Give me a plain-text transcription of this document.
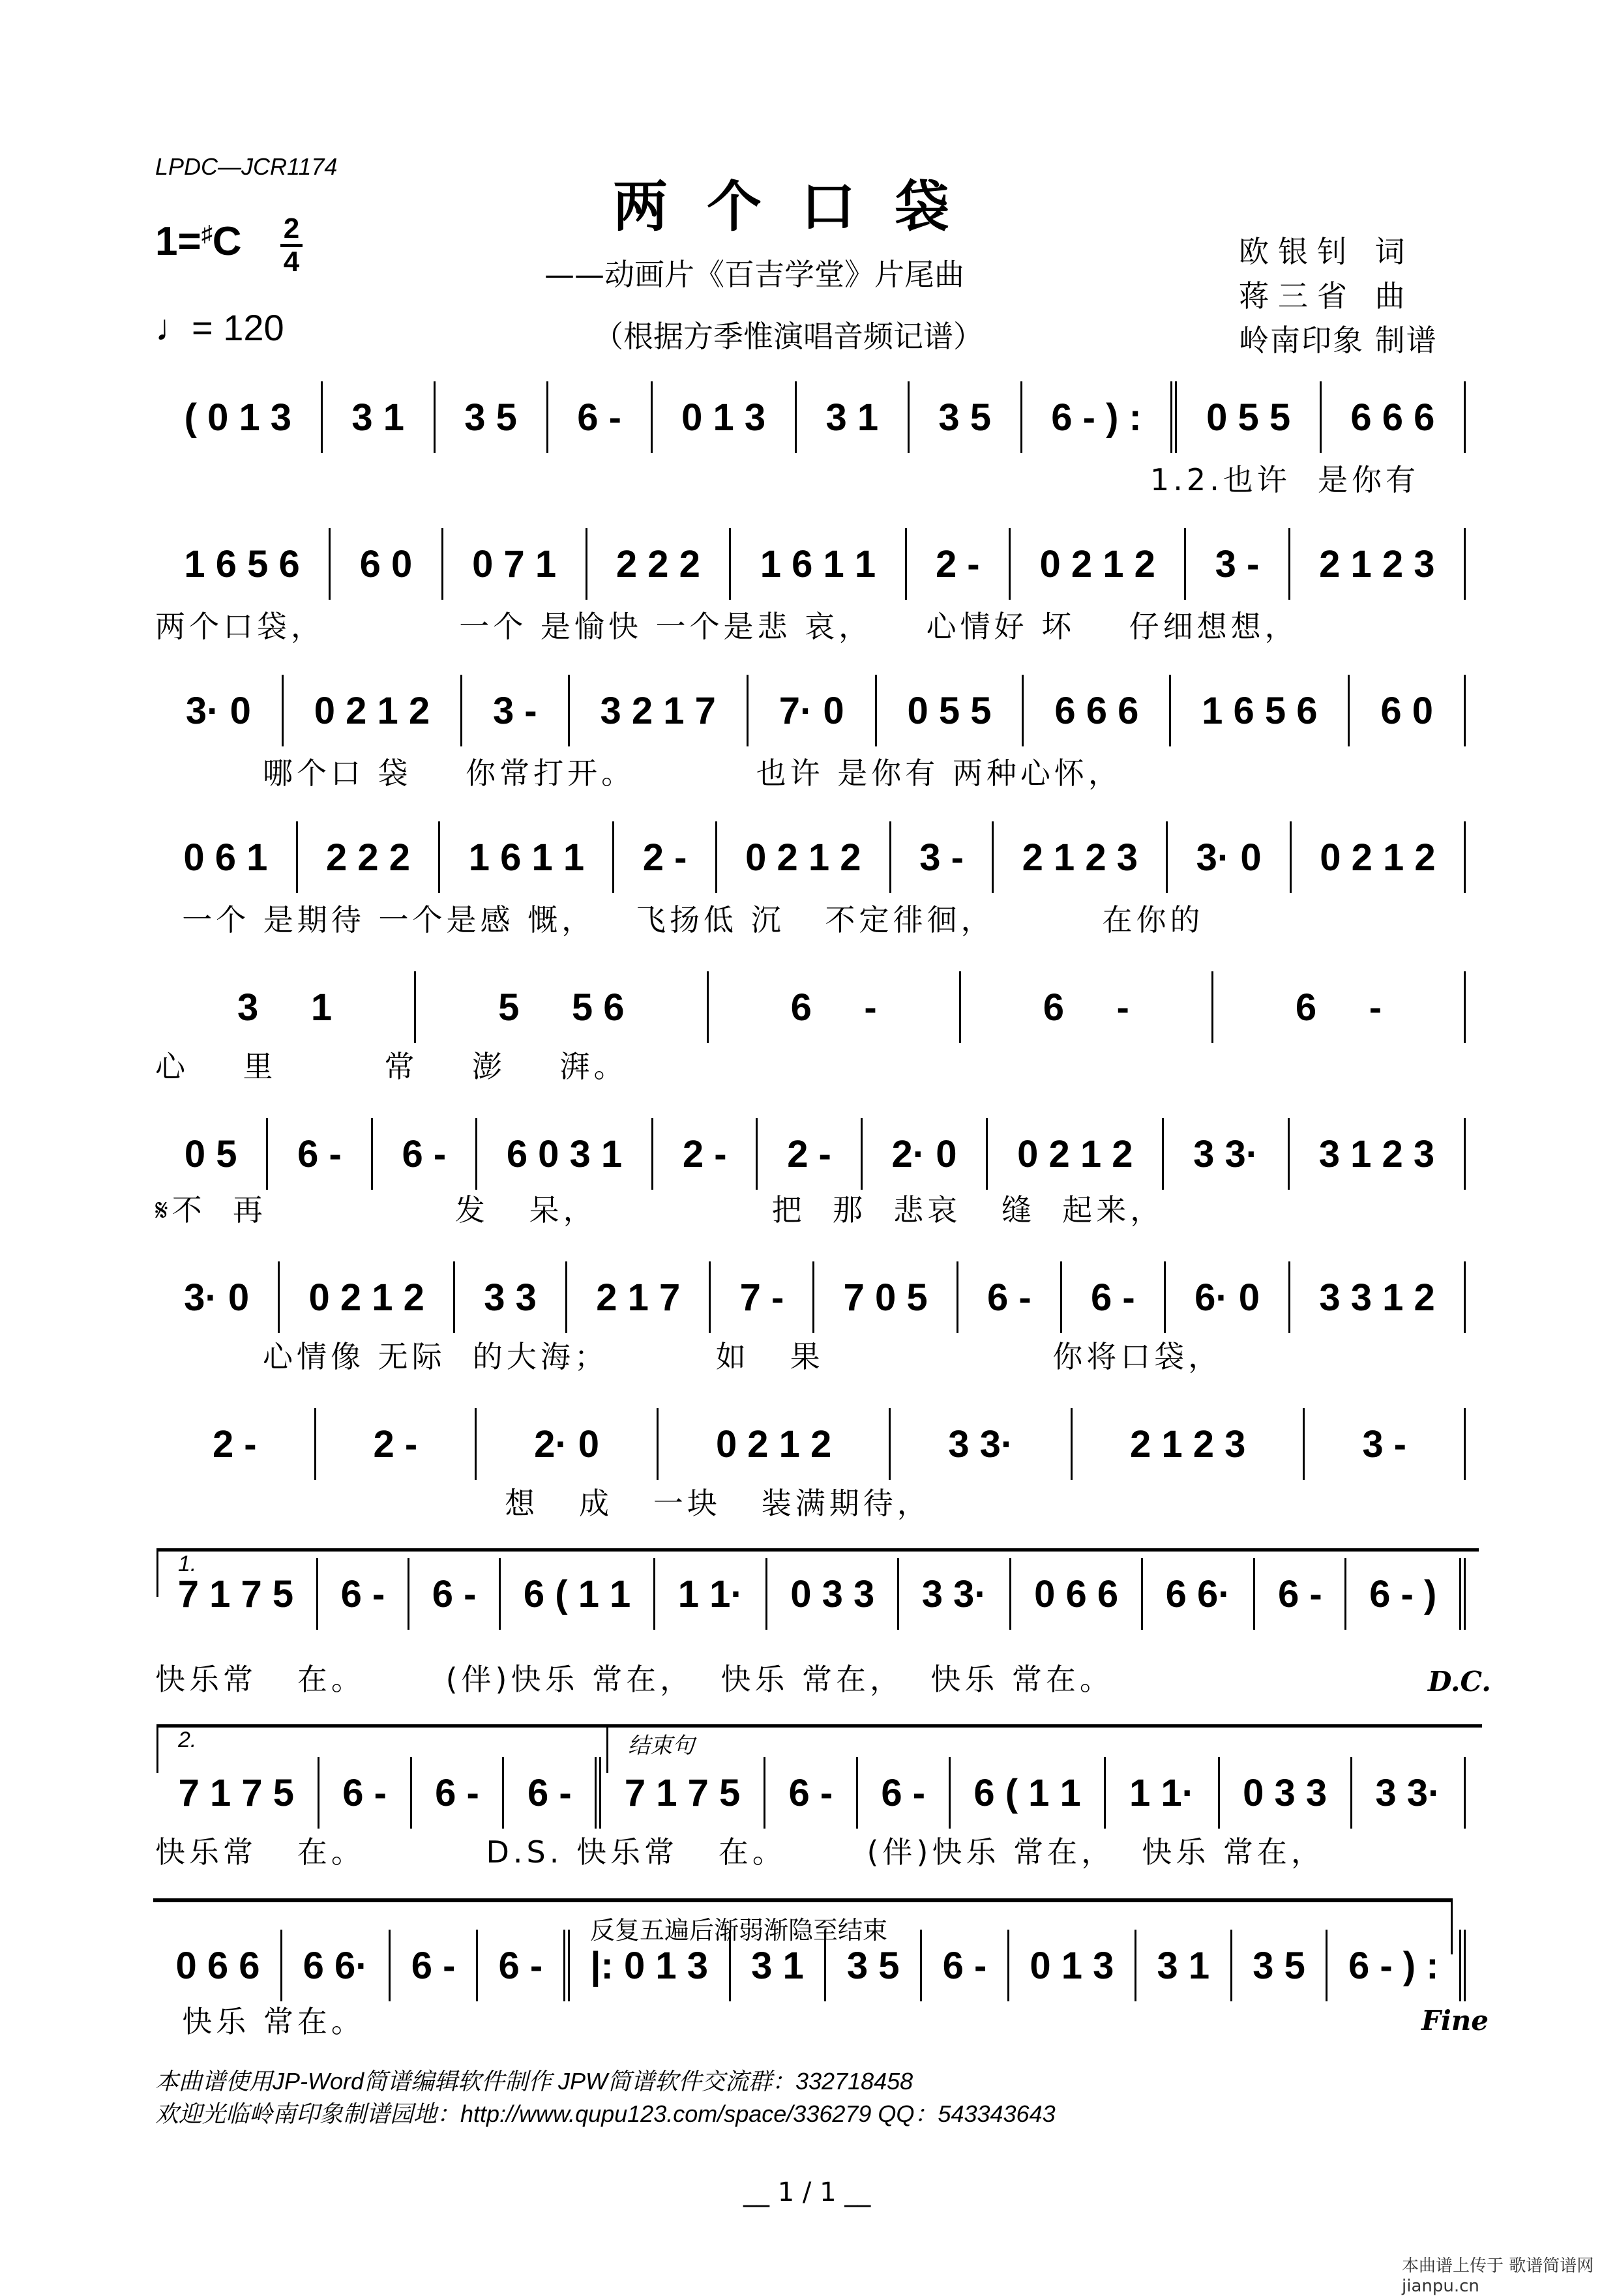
LPDC—JCR1174
两个口袋
——动画片《百吉学堂》片尾曲
（根据方季惟演唱音频记谱）
1=♯C 2
4
♩= 120
欧银钊 词
蒋三省 曲
岭南印象 制谱
( 0 1 3	3 1	3 5	6 -	0 1 3	3 1	3 5	6 - ) :	0 5 5	6 6 6
1.2.也许  是你有
1 6 5 6	6 0	0 7 1	2 2 2	1 6 1 1	2 -	0 2 1 2	3 -	2 1 2 3
两个口袋，          一个 是愉快 一个是悲 哀，    心情好 坏    仔细想想，
3· 0	0 2 1 2	3 -	3 2 1 7	7· 0	0 5 5	6 6 6	1 6 5 6	6 0
哪个口 袋    你常打开。         也许 是你有 两种心怀，
0 6 1	2 2 2	1 6 1 1	2 -	0 2 1 2	3 -	2 1 2 3	3· 0	0 2 1 2
一个 是期待 一个是感 慨，   飞扬低 沉   不定徘徊，        在你的
3     1	5     5 6	6     -	6     -	6     -
心    里        常    澎    湃。
0 5	6 -	6 -	6 0 3 1	2 -	2 -	2· 0	0 2 1 2	3 3·	3 1 2 3
𝄋不  再              发   呆，             把  那  悲哀   缝  起来，
3· 0	0 2 1 2	3 3	2 1 7	7 -	7 0 5	6 -	6 -	6· 0	3 3 1 2
心情像 无际  的大海；        如   果                 你将口袋，
2 -	2 -	2· 0	0 2 1 2	3 3·	2 1 2 3	3 -
想   成   一块   装满期待，
7 1 7 5	6 -	6 -	6 ( 1 1	1 1·	0 3 3	3 3·	0 6 6	6 6·	6 -	6 - )
快乐常   在。      (伴)快乐 常在，  快乐 常在，  快乐 常在。
7 1 7 5	6 -	6 -	6 -	7 1 7 5	6 -	6 -	6 ( 1 1	1 1·	0 3 3	3 3·
快乐常   在。         D.S. 快乐常   在。      (伴)快乐 常在，  快乐 常在，
0 6 6	6 6·	6 -	6 -	|: 0 1 3	3 1	3 5	6 -	0 1 3	3 1	3 5	6 - ) :
快乐 常在。
1.
2.	结束句
D.C.
反复五遍后渐弱渐隐至结束
Fine
本曲谱使用JP-Word简谱编辑软件制作 JPW简谱软件交流群：332718458
欢迎光临岭南印象制谱园地：http://www.qupu123.com/space/336279 QQ：543343643
__ 1 / 1 __
本曲谱上传于 歌谱简谱网 jianpu.cn
